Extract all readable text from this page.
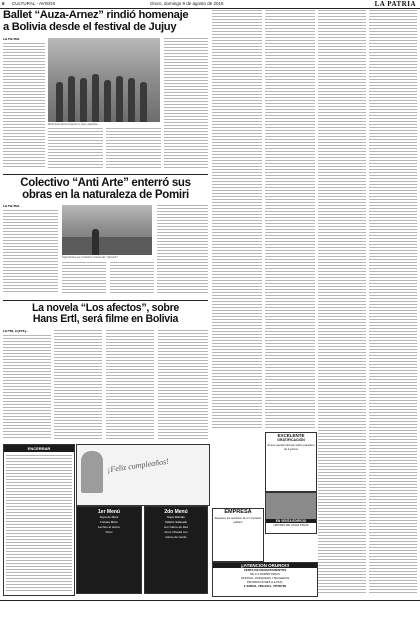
6 CULTURAL - AVISOS	Oruro, domingo 9 de agosto de 2015	LA PATRIA
Ballet “Auza-Arnez” rindió homenaje
a Bolivia desde el festival de Jujuy
LA PATRIA
Ballet Auza-Arnez actuaron en Jujuy, Argentina.
Colectivo “Anti Arte” enterró sus
obras en la naturaleza de Pomiri
LA PATRIA
Experimentos que resultaron esencias del “Anti Arte”.
La novela “Los afectos”, sobre
Hans Ertl, será filme en Bolivia
La Paz, 8 (EFE).-
ENCERRAR
¡Feliz cumpleaños!
1er Menú
Sopa de Maní
Fricasé Mixto
Lechón al Horno
Poco
2do Menú
Sopa Wantán
Tallarin Salteado
con Carne de Res
Arroz Chaufa con
Carne de Cerdo
EXCELENTE
GRATIFICACIÓN
Al que pueda informar sobre paradero de 2 perros
EN VENTA EDIFICIO
CENTRO DE OCHO PISOS
EMPRESA
Requiere los servicios de un contador público
¡¡ATENCION ORURO!!!
VENTA DE DEPARTAMENTOS
DE 2-3 DORMITORIOS
OFICINAL, PARQUEOS Y BAULERAS
INFORMACIONES (LA PAZ):
2-228591, 78910111, 72530760
